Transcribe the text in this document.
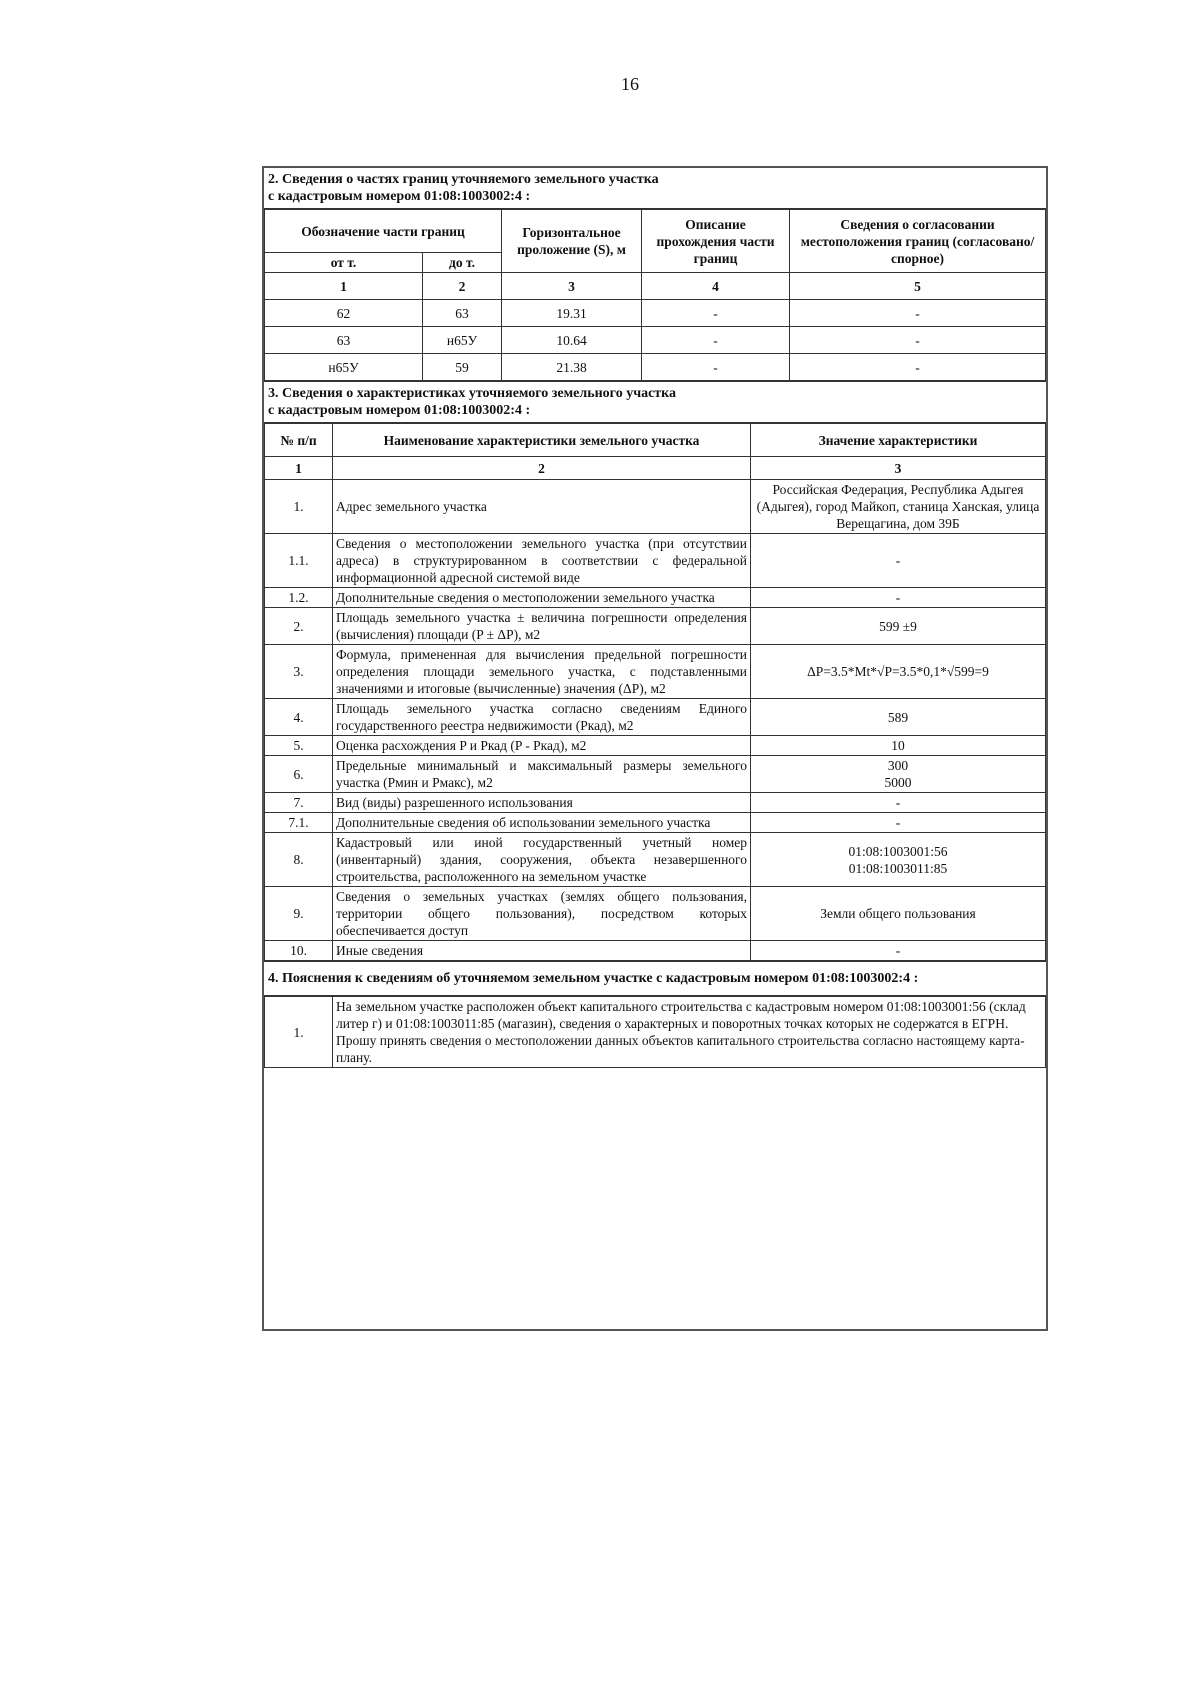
16
2. Сведения о частях границ уточняемого земельного участка
с кадастровым номером 01:08:1003002:4 :
Обозначение части границ		Горизонтальное проложение (S), м	Описание прохождения части границ	Сведения о согласовании местоположения границ (согласовано/спорное)
от т.	до т.			
1	2	3	4	5
62	63	19.31	-	-
63	н65У	10.64	-	-
н65У	59	21.38	-	-
3. Сведения о характеристиках уточняемого земельного участка
с кадастровым номером 01:08:1003002:4 :
№ п/п	Наименование характеристики земельного участка	Значение характеристики
1	2	3
1.	Адрес земельного участка	Российская Федерация, Республика Адыгея (Адыгея), город Майкоп, станица Ханская, улица Верещагина, дом 39Б
1.1.	Сведения о местоположении земельного участка (при отсутствии адреса) в структурированном в соответствии с федеральной информационной адресной системой виде	-
1.2.	Дополнительные сведения о местоположении земельного участка	-
2.	Площадь земельного участка ± величина погрешности определения (вычисления) площади (P ± ΔP), м2	599 ±9
3.	Формула, примененная для вычисления предельной погрешности определения площади земельного участка, с подставленными значениями и итоговые (вычисленные) значения (ΔP), м2	ΔP=3.5*Mt*√P=3.5*0,1*√599=9
4.	Площадь земельного участка согласно сведениям Единого государственного реестра недвижимости (Ркад), м2	589
5.	Оценка расхождения P и Ркад (P - Ркад), м2	10
6.	Предельные минимальный и максимальный размеры земельного участка (Рмин и Рмакс), м2	300
5000

7.	Вид (виды) разрешенного использования	-
7.1.	Дополнительные сведения об использовании земельного участка	-
8.	Кадастровый или иной государственный учетный номер (инвентарный) здания, сооружения, объекта незавершенного строительства, расположенного на земельном участке	01:08:1003001:56
01:08:1003011:85

9.	Сведения о земельных участках (землях общего пользования, территории общего пользования), посредством которых обеспечивается доступ	Земли общего пользования
10.	Иные сведения	-
4. Пояснения к сведениям об уточняемом земельном участке с кадастровым номером 01:08:1003002:4 :
1.	На земельном участке расположен объект капитального строительства с кадастровым номером 01:08:1003001:56 (склад литер г) и 01:08:1003011:85 (магазин), сведения о характерных и поворотных точках которых не содержатся в ЕГРН. Прошу принять сведения о местоположении данных объектов капитального строительства согласно настоящему карта-плану.
